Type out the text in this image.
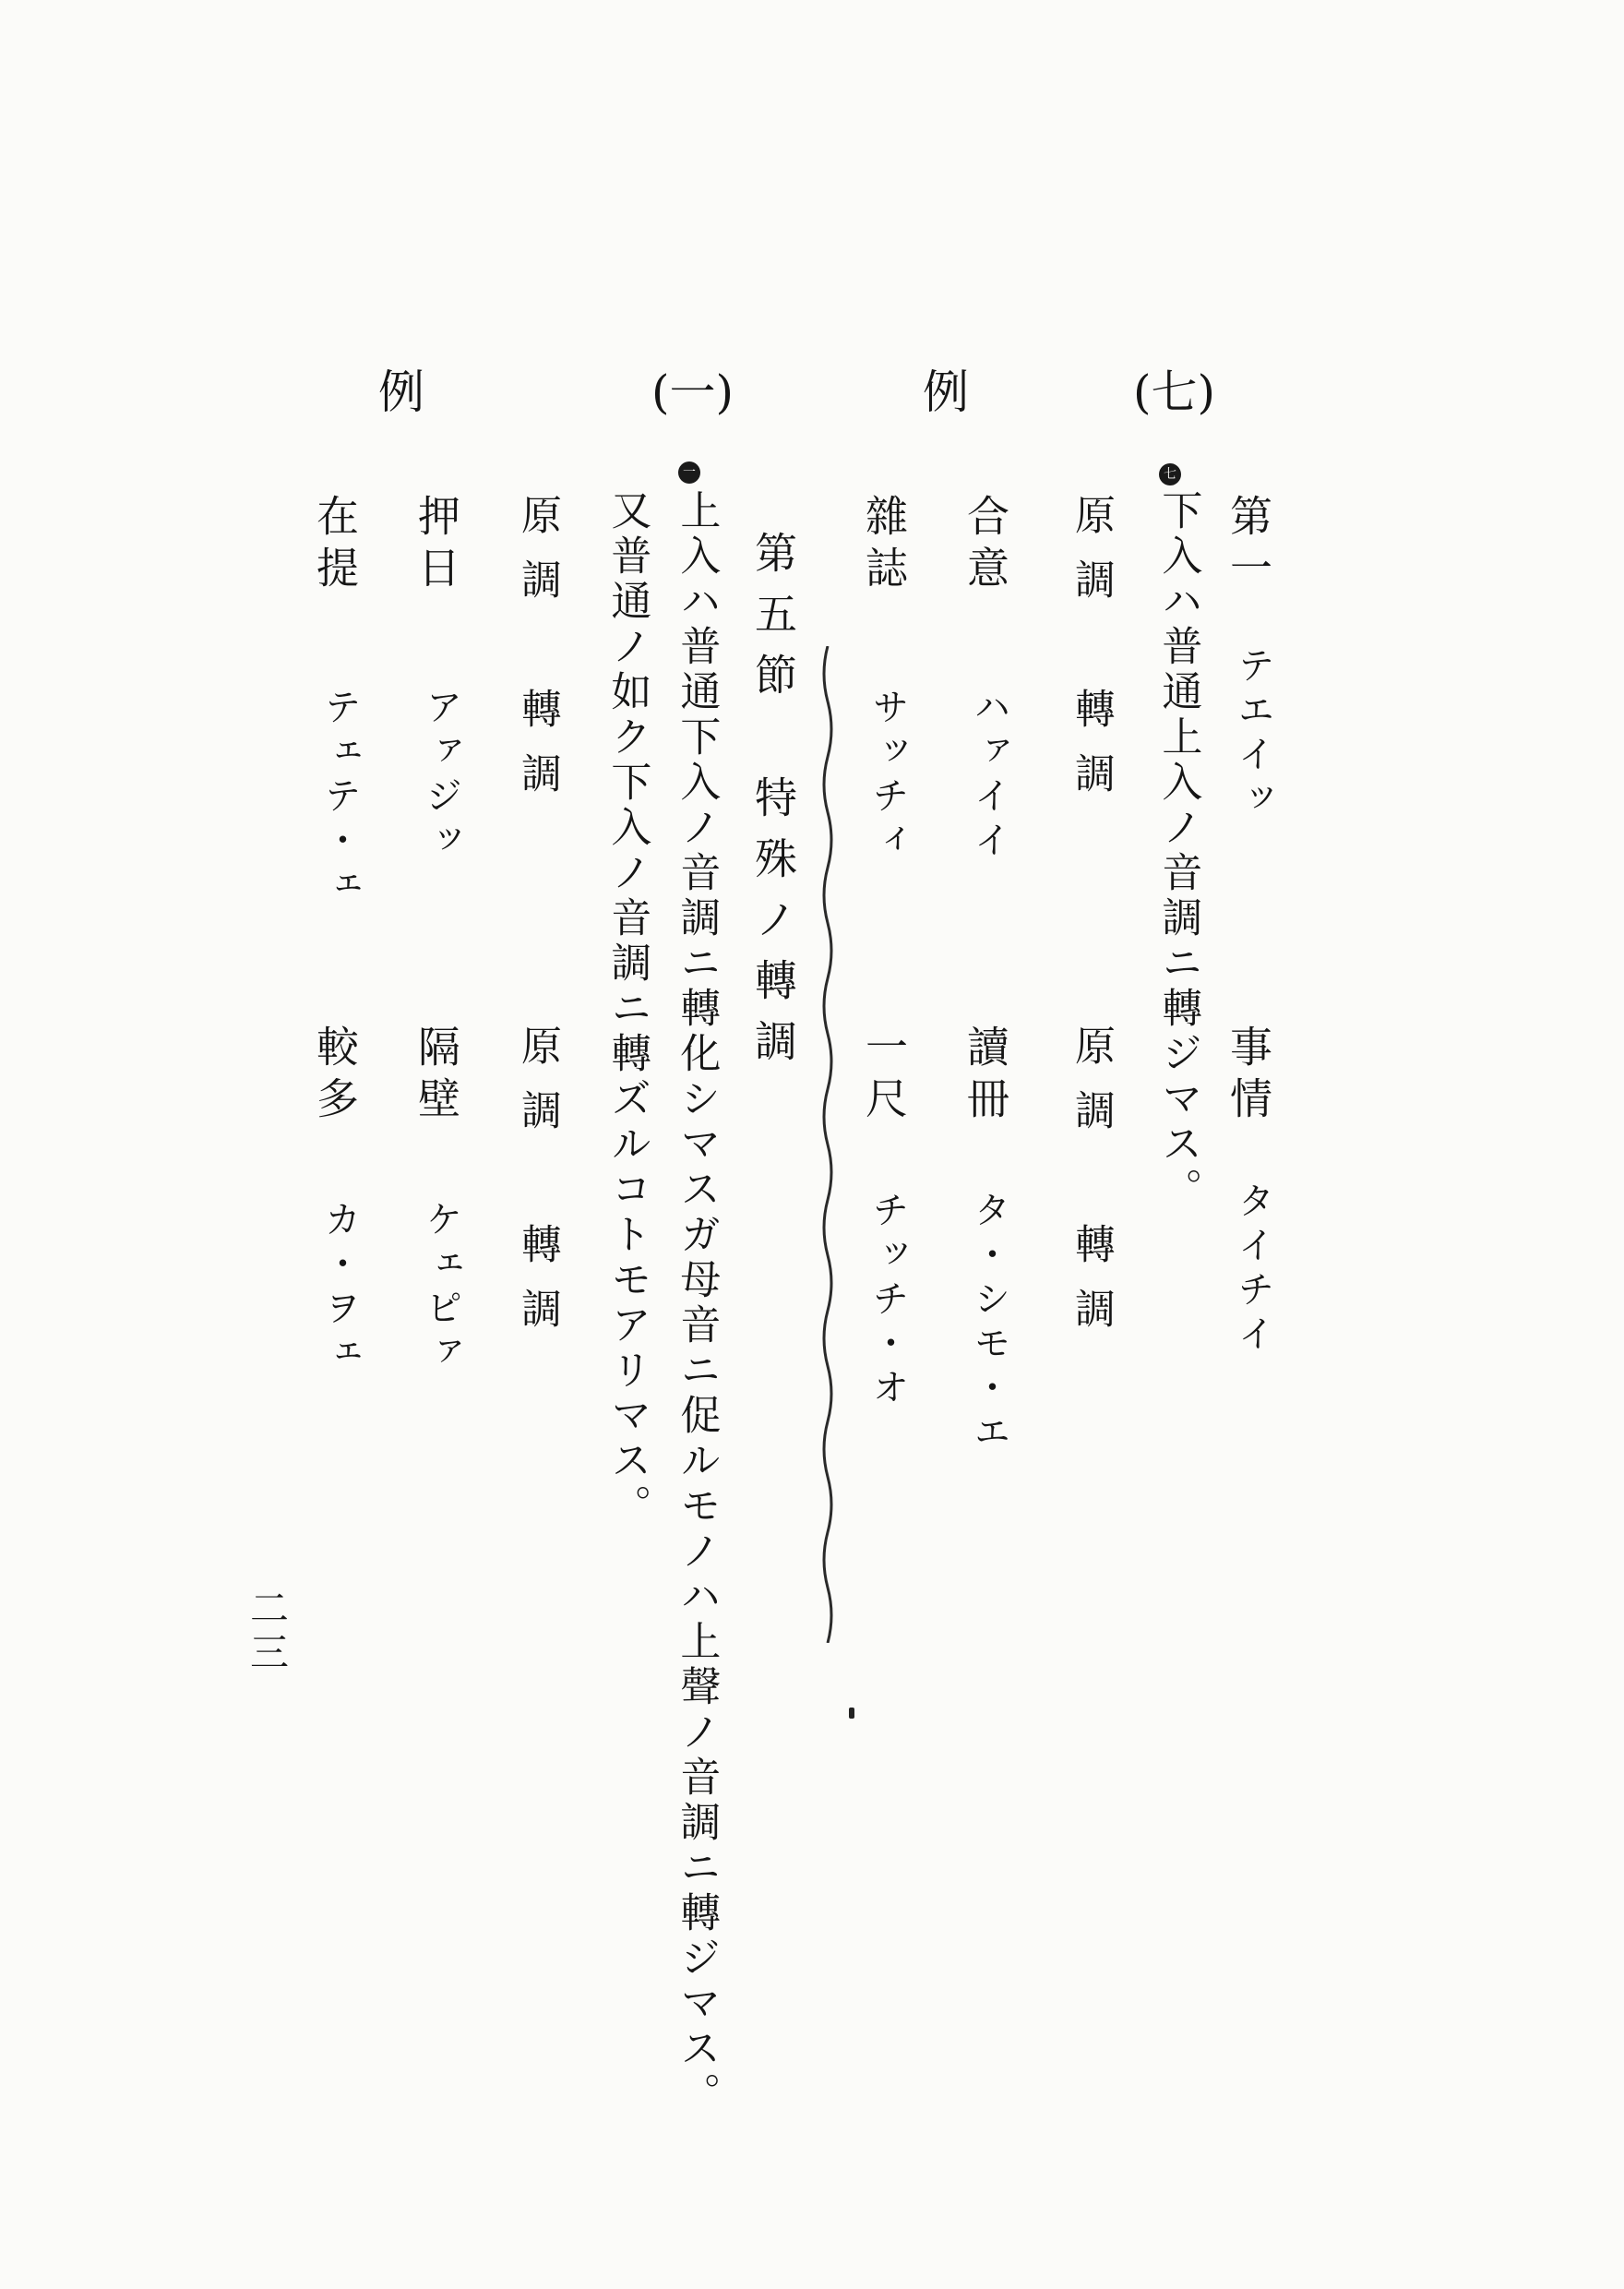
二三
(七)
例
(一)
例
七
下入ハ普通上入ノ音調ニ轉ジマス。 第一
テエイッ
事情
タイチイ
原調
轉調
原調
轉調
合意
ハァイイ
讀冊
タ・シモ・エ
雜誌
サッチィ
一尺
チッチ・オ
第五節
特殊ノ轉調
一
上入ハ普通下入ノ音調ニ轉化シマスガ母音ニ促ルモノハ上聲ノ音調ニ轉ジマス。
又普通ノ如ク下入ノ音調ニ轉ズルコトモアリマス。
原調
轉調
原調
轉調
押日
アァジッ
隔壁
ケェピァ
在提
テェテ・ェ
較多
カ・ヲェ
